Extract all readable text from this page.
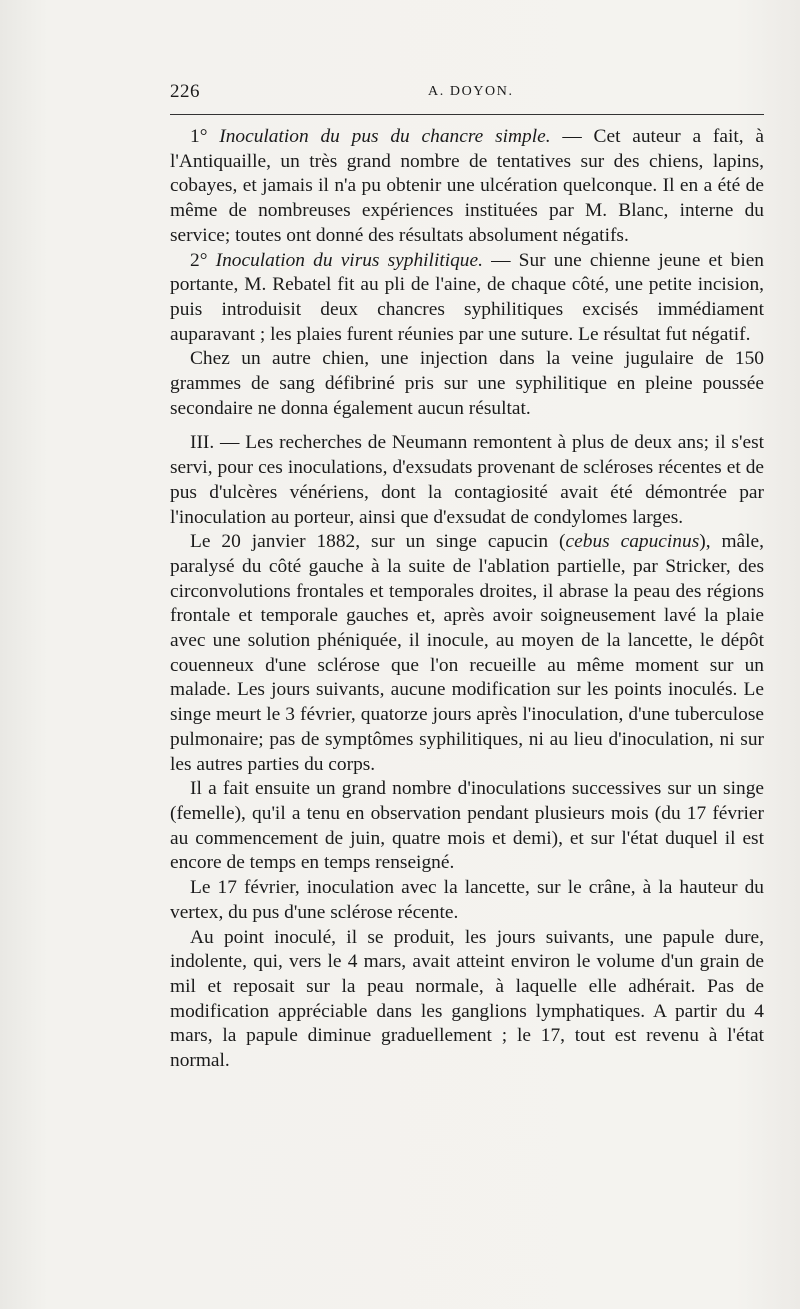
226	A. DOYON.

1° Inoculation du pus du chancre simple. — Cet auteur a fait, à l'Antiquaille, un très grand nombre de tentatives sur des chiens, lapins, cobayes, et jamais il n'a pu obtenir une ulcération quelconque. Il en a été de même de nombreuses expériences instituées par M. Blanc, interne du service; toutes ont donné des résultats absolument négatifs.

2° Inoculation du virus syphilitique. — Sur une chienne jeune et bien portante, M. Rebatel fit au pli de l'aine, de chaque côté, une petite incision, puis introduisit deux chancres syphilitiques excisés immédiament auparavant ; les plaies furent réunies par une suture. Le résultat fut négatif.

Chez un autre chien, une injection dans la veine jugulaire de 150 grammes de sang défibriné pris sur une syphilitique en pleine poussée secondaire ne donna également aucun résultat.

III. — Les recherches de Neumann remontent à plus de deux ans; il s'est servi, pour ces inoculations, d'exsudats provenant de scléroses récentes et de pus d'ulcères vénériens, dont la contagiosité avait été démontrée par l'inoculation au porteur, ainsi que d'exsudat de condylomes larges.

Le 20 janvier 1882, sur un singe capucin (cebus capucinus), mâle, paralysé du côté gauche à la suite de l'ablation partielle, par Stricker, des circonvolutions frontales et temporales droites, il abrase la peau des régions frontale et temporale gauches et, après avoir soigneusement lavé la plaie avec une solution phéniquée, il inocule, au moyen de la lancette, le dépôt couenneux d'une sclérose que l'on recueille au même moment sur un malade. Les jours suivants, aucune modification sur les points inoculés. Le singe meurt le 3 février, quatorze jours après l'inoculation, d'une tuberculose pulmonaire; pas de symptômes syphilitiques, ni au lieu d'inoculation, ni sur les autres parties du corps.

Il a fait ensuite un grand nombre d'inoculations successives sur un singe (femelle), qu'il a tenu en observation pendant plusieurs mois (du 17 février au commencement de juin, quatre mois et demi), et sur l'état duquel il est encore de temps en temps renseigné.

Le 17 février, inoculation avec la lancette, sur le crâne, à la hauteur du vertex, du pus d'une sclérose récente.

Au point inoculé, il se produit, les jours suivants, une papule dure, indolente, qui, vers le 4 mars, avait atteint environ le volume d'un grain de mil et reposait sur la peau normale, à laquelle elle adhérait. Pas de modification appréciable dans les ganglions lymphatiques. A partir du 4 mars, la papule diminue graduellement ; le 17, tout est revenu à l'état normal.
